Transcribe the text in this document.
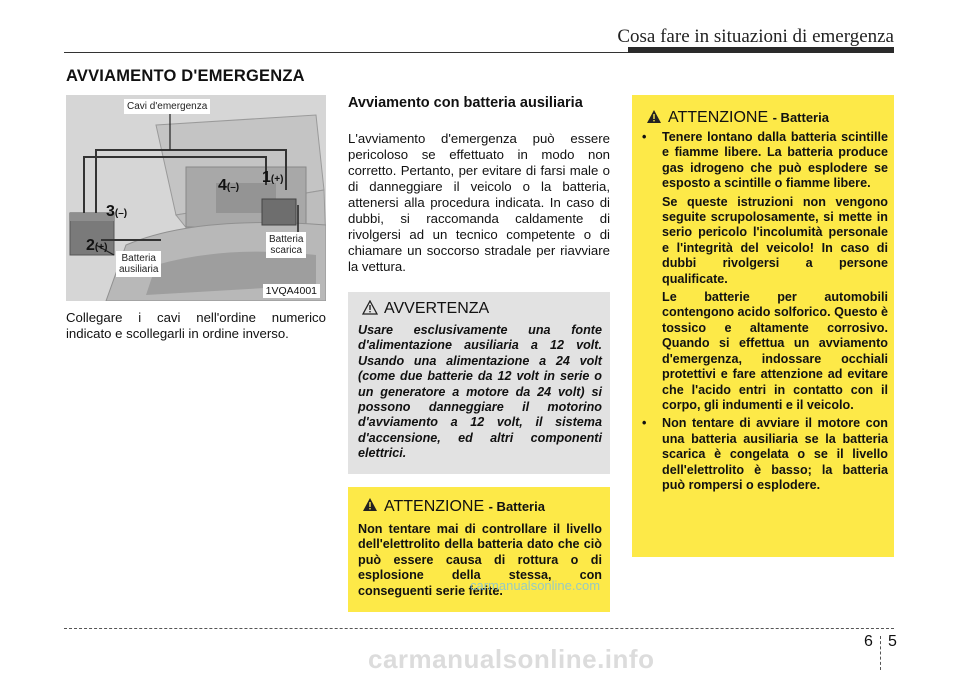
Cosa fare in situazioni di emergenza
AVVIAMENTO D'EMERGENZA
Cavi d'emergenza
Batteria
ausiliaria
Batteria
scarica
1(+)
4(–)
3(–)
2(+)
1VQA4001
Collegare i cavi nell'ordine numerico indicato e scollegarli in ordine inverso.
Avviamento con batteria ausiliaria
L'avviamento d'emergenza può essere pericoloso se effettuato in modo non corretto. Pertanto, per evitare di farsi male o di danneggiare il veicolo o la batteria, attenersi alla procedura indicata. In caso di dubbi, si raccomanda caldamente di rivolgersi ad un tecnico competente o di chiamare un soccorso stradale per riavviare la vettura.
AVVERTENZA
Usare esclusivamente una fonte d'alimentazione ausiliaria a 12 volt. Usando una alimentazione a 24 volt (come due batterie da 12 volt in serie o un generatore a motore da 24 volt) si possono danneggiare il motorino d'avviamento a 12 volt, il sistema d'accensione, ed altri componenti elettrici.
ATTENZIONE - Batteria
Non tentare mai di controllare il livello dell'elettrolito della batteria dato che ciò può essere causa di rottura o di esplosione della stessa, con conseguenti serie ferite.
ATTENZIONE - Batteria
• Tenere lontano dalla batteria scintille e fiamme libere. La batteria produce gas idrogeno che può esplodere se esposto a scintille o fiamme libere.

Se queste istruzioni non vengono seguite scrupolosamente, si mette in serio pericolo l'incolumità personale e l'integrità del veicolo! In caso di dubbi rivolgersi a persone qualificate.

Le batterie per automobili contengono acido solforico. Questo è tossico e altamente corrosivo. Quando si effettua un avviamento d'emergenza, indossare occhiali protettivi e fare attenzione ad evitare che l'acido entri in contatto con il corpo, gli indumenti e il veicolo.

• Non tentare di avviare il motore con una batteria ausiliaria se la batteria scarica è congelata o se il livello dell'elettrolito è basso; la batteria può rompersi o esplodere.

carmanualsonline.com
6 5
carmanualsonline.info
